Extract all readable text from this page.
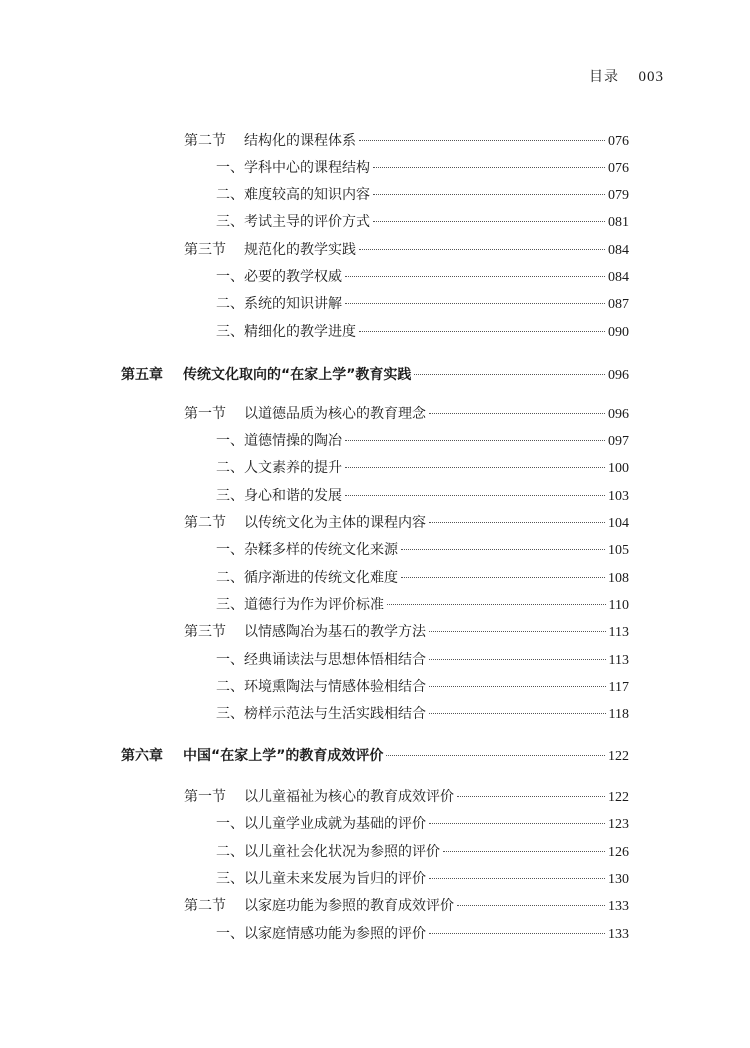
目录 003
第二节 结构化的课程体系	076
一、学科中心的课程结构	076
二、难度较高的知识内容	079
三、考试主导的评价方式	081
第三节 规范化的教学实践	084
一、必要的教学权威	084
二、系统的知识讲解	087
三、精细化的教学进度	090
第五章 传统文化取向的“在家上学”教育实践	096
第一节 以道德品质为核心的教育理念	096
一、道德情操的陶冶	097
二、人文素养的提升	100
三、身心和谐的发展	103
第二节 以传统文化为主体的课程内容	104
一、杂糅多样的传统文化来源	105
二、循序渐进的传统文化难度	108
三、道德行为作为评价标准	110
第三节 以情感陶冶为基石的教学方法	113
一、经典诵读法与思想体悟相结合	113
二、环境熏陶法与情感体验相结合	117
三、榜样示范法与生活实践相结合	118
第六章 中国“在家上学”的教育成效评价	122
第一节 以儿童福祉为核心的教育成效评价	122
一、以儿童学业成就为基础的评价	123
二、以儿童社会化状况为参照的评价	126
三、以儿童未来发展为旨归的评价	130
第二节 以家庭功能为参照的教育成效评价	133
一、以家庭情感功能为参照的评价	133
